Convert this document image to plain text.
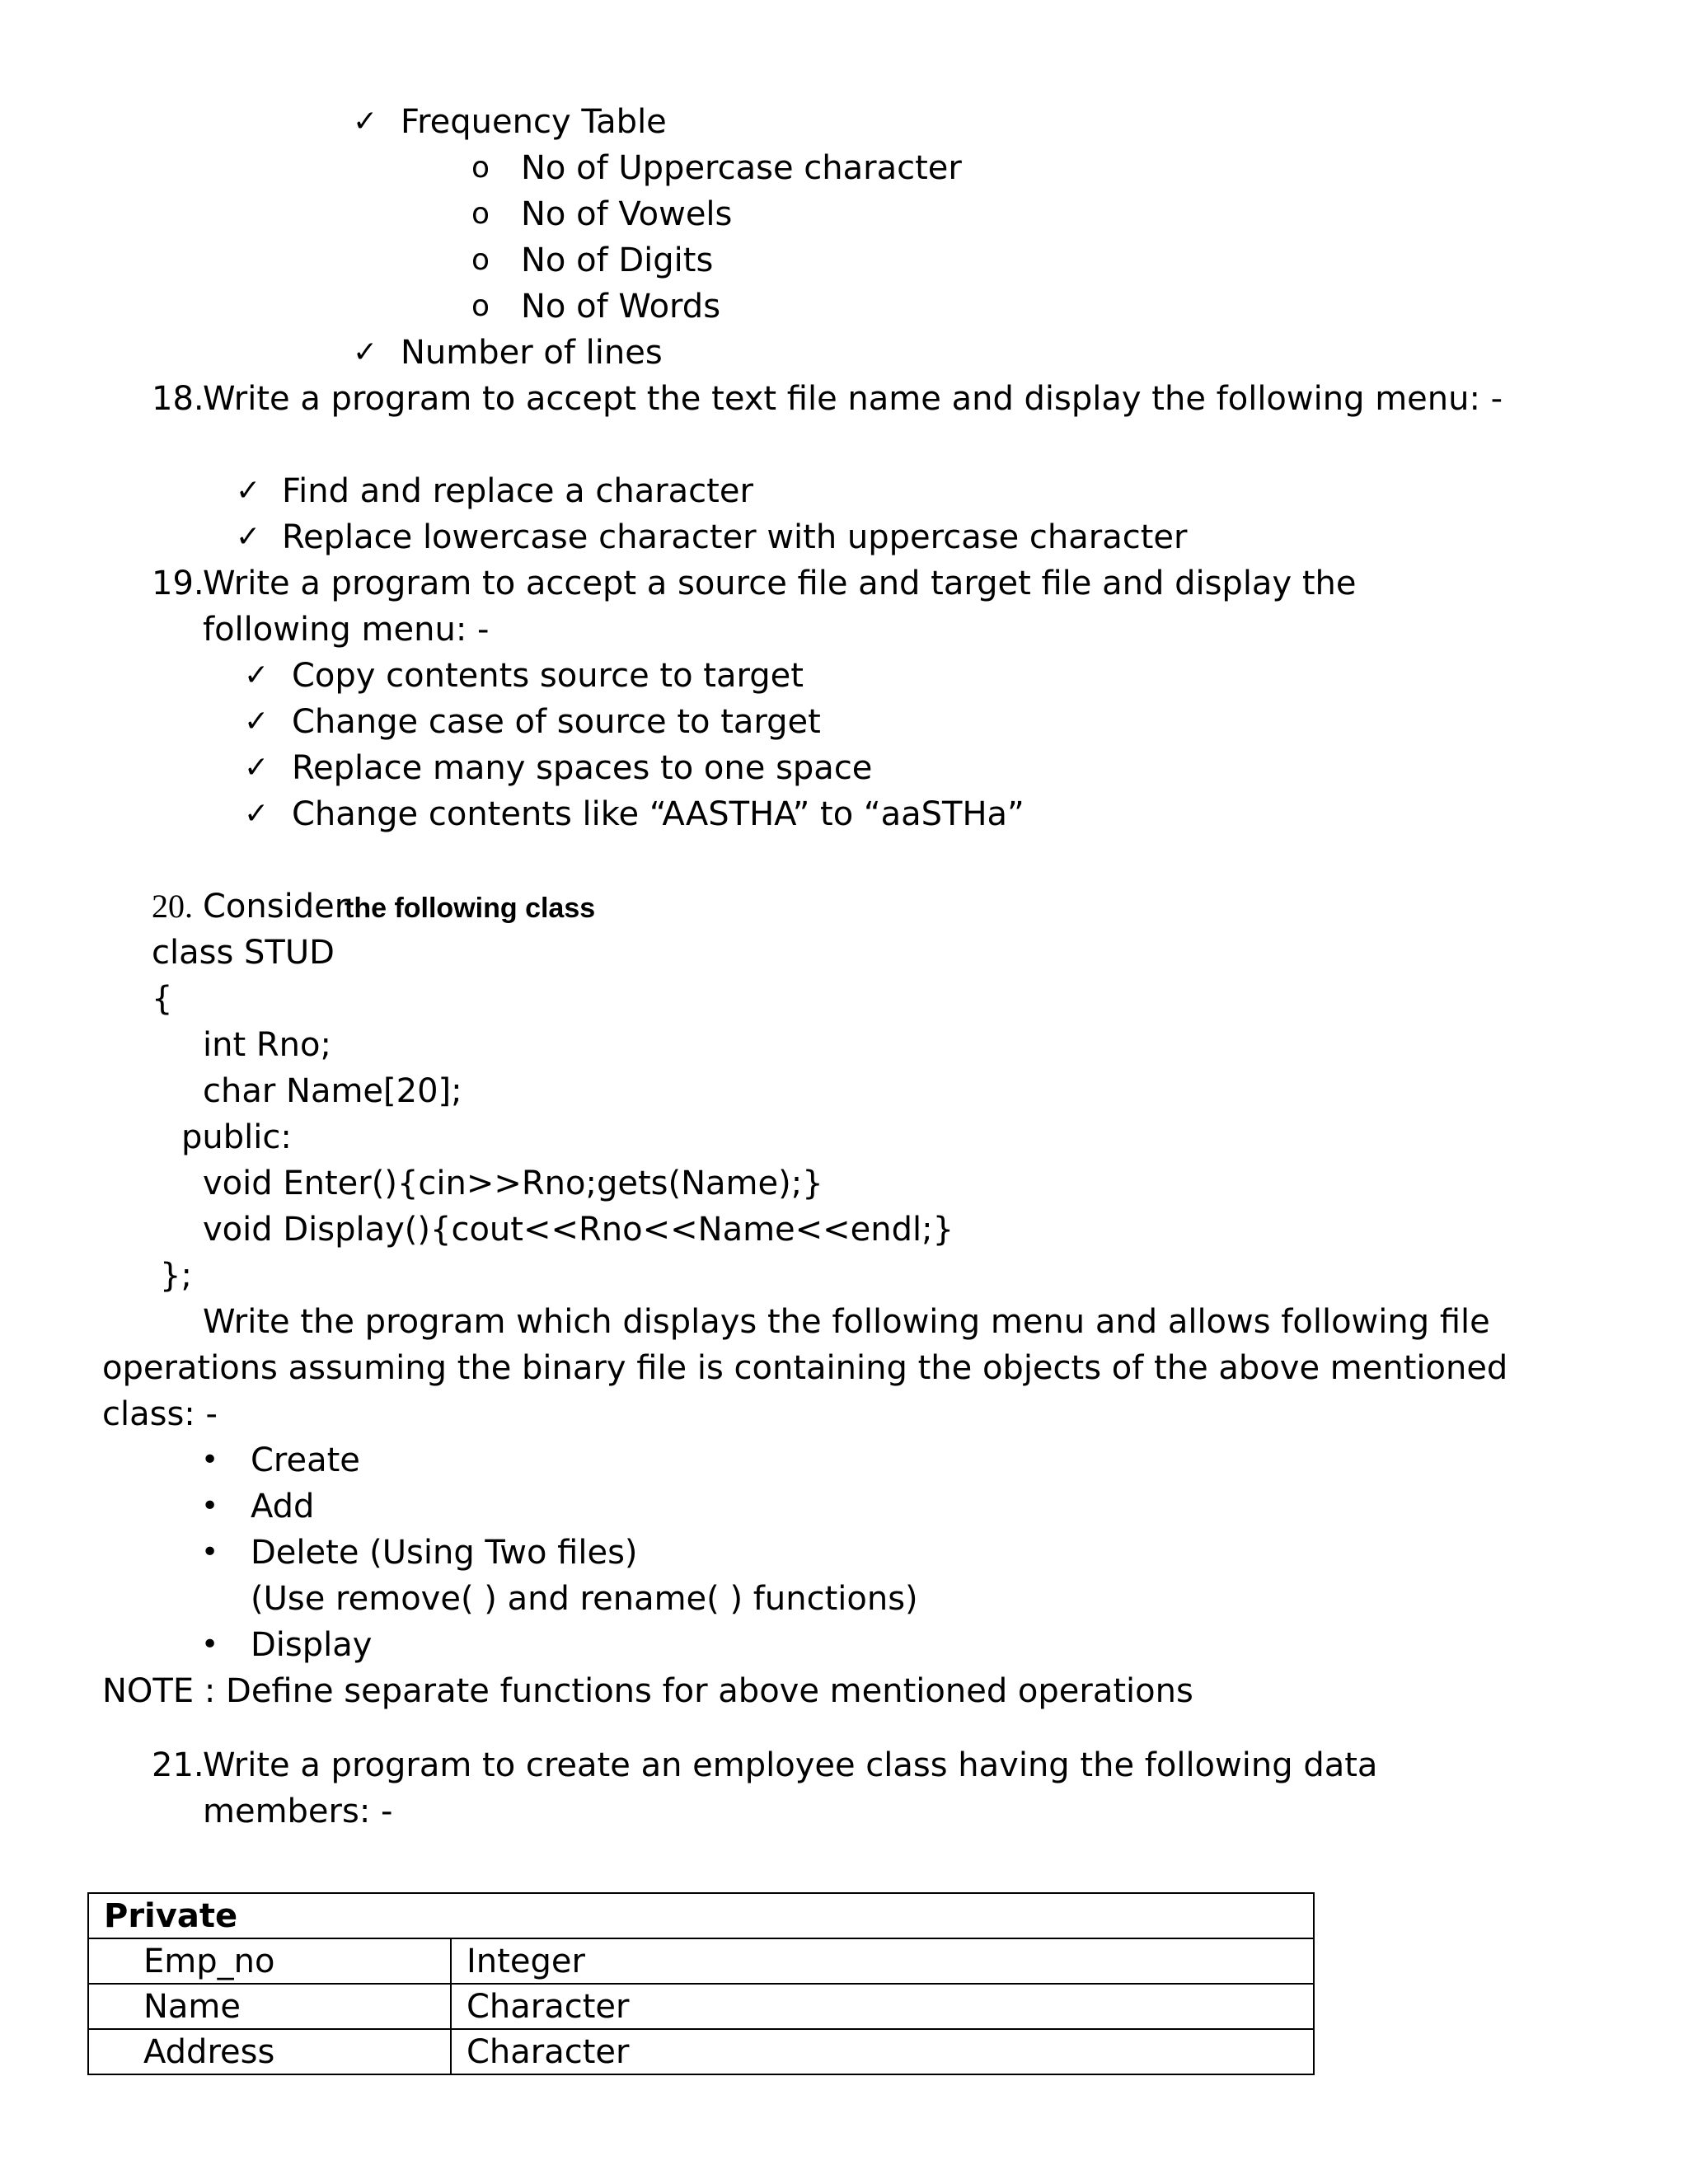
✓ Frequency Table
o No of Uppercase character
o No of Vowels
o No of Digits
o No of Words
✓ Number of lines
18.
Write a program to accept the text file name and display the following menu: -
✓ Find and replace a character
✓ Replace lowercase character with uppercase character
19.
Write a program to accept a source file and target file and display the
following menu: -
✓ Copy contents source to target
✓ Change case of source to target
✓ Replace many spaces to one space
✓ Change contents like “AASTHA” to “aaSTHa”
20. Consider
the following class
class STUD
{
int Rno;
char Name[20];
public:
void Enter(){cin>>Rno;gets(Name);}
void Display(){cout<<Rno<<Name<<endl;}
};
Write the program which displays the following menu and allows following file
operations assuming the binary file is containing the objects of the above mentioned
class: -
• Create
• Add
• Delete (Using Two files)
(Use remove( ) and rename( ) functions)
• Display
NOTE : Define separate functions for above mentioned operations
21.
Write a program to create an employee class having the following data
members: -
Private	
Emp_no	Integer
Name	Character
Address	Character
